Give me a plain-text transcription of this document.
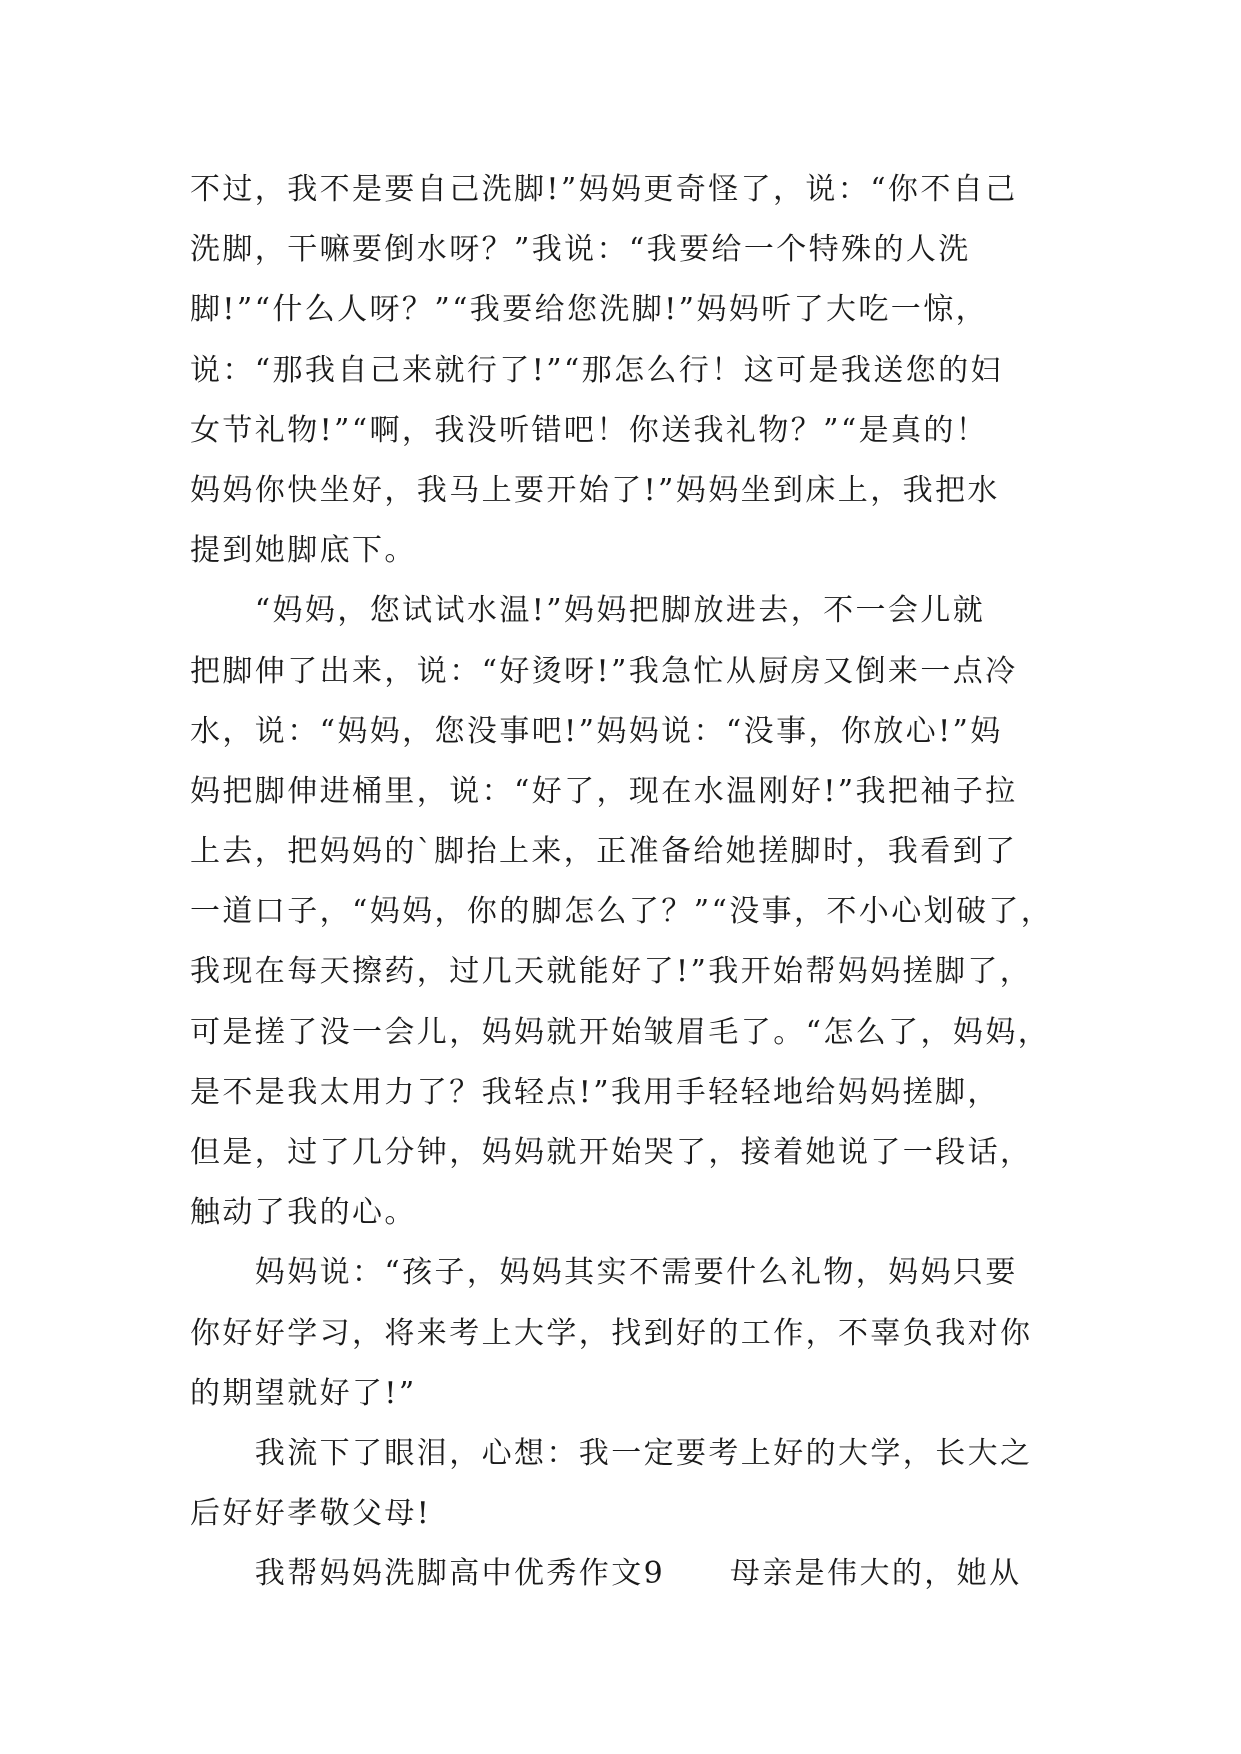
不过，我不是要自己洗脚!”妈妈更奇怪了，说：“你不自己
洗脚，干嘛要倒水呀？”我说：“我要给一个特殊的人洗
脚!”“什么人呀？”“我要给您洗脚!”妈妈听了大吃一惊，
说：“那我自己来就行了!”“那怎么行！这可是我送您的妇
女节礼物!”“啊，我没听错吧！你送我礼物？”“是真的！
妈妈你快坐好，我马上要开始了!”妈妈坐到床上，我把水
提到她脚底下。
　　“妈妈，您试试水温!”妈妈把脚放进去，不一会儿就
把脚伸了出来，说：“好烫呀!”我急忙从厨房又倒来一点冷
水，说：“妈妈，您没事吧!”妈妈说：“没事，你放心!”妈
妈把脚伸进桶里，说：“好了，现在水温刚好!”我把袖子拉
上去，把妈妈的`脚抬上来，正准备给她搓脚时，我看到了
一道口子，“妈妈，你的脚怎么了？”“没事，不小心划破了，
我现在每天擦药，过几天就能好了!”我开始帮妈妈搓脚了，
可是搓了没一会儿，妈妈就开始皱眉毛了。“怎么了，妈妈，
是不是我太用力了？我轻点!”我用手轻轻地给妈妈搓脚，
但是，过了几分钟，妈妈就开始哭了，接着她说了一段话，
触动了我的心。
　　妈妈说：“孩子，妈妈其实不需要什么礼物，妈妈只要
你好好学习，将来考上大学，找到好的工作，不辜负我对你
的期望就好了!”
　　我流下了眼泪，心想：我一定要考上好的大学，长大之
后好好孝敬父母!
　　我帮妈妈洗脚高中优秀作文9　　母亲是伟大的，她从
